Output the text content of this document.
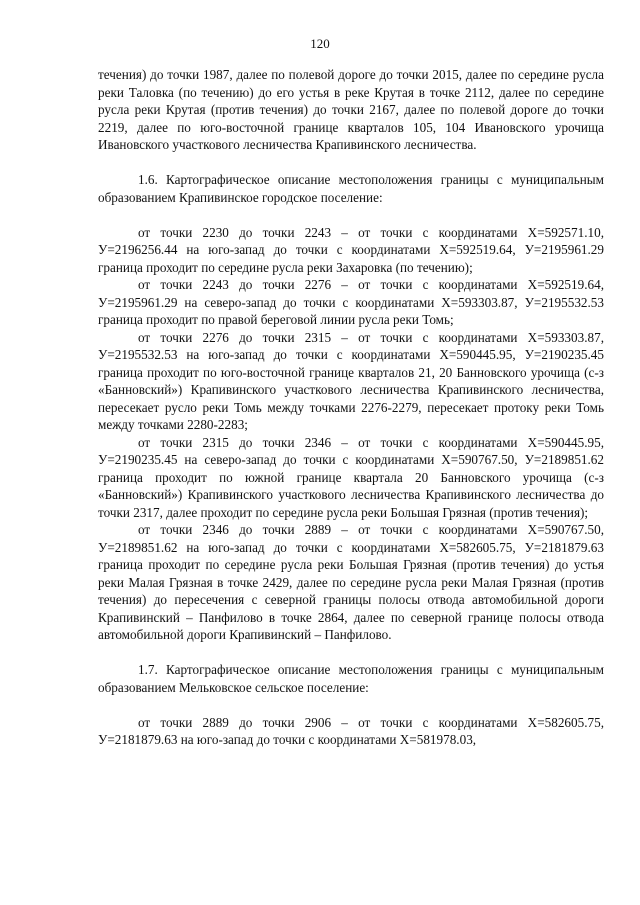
120

течения) до точки 1987, далее по полевой дороге до точки 2015, далее по середине русла реки Таловка (по течению) до его устья в реке Крутая в точке 2112, далее по середине русла реки Крутая (против течения) до точки 2167, далее по полевой дороге до точки 2219, далее по юго-восточной границе кварталов 105, 104 Ивановского урочища Ивановского участкового лесничества Крапивинского лесничества.

1.6. Картографическое описание местоположения границы с муниципальным образованием Крапивинское городское поселение:

от точки 2230 до точки 2243 – от точки с координатами Х=592571.10, У=2196256.44 на юго-запад до точки с координатами Х=592519.64, У=2195961.29 граница проходит по середине русла реки Захаровка (по течению);

от точки 2243 до точки 2276 – от точки с координатами Х=592519.64, У=2195961.29 на северо-запад до точки с координатами Х=593303.87, У=2195532.53 граница проходит по правой береговой линии русла реки Томь;

от точки 2276 до точки 2315 – от точки с координатами Х=593303.87, У=2195532.53 на юго-запад до точки с координатами Х=590445.95, У=2190235.45 граница проходит по юго-восточной границе кварталов 21, 20 Банновского урочища (с-з «Банновский») Крапивинского участкового лесничества Крапивинского лесничества, пересекает русло реки Томь между точками 2276-2279, пересекает протоку реки Томь между точками 2280-2283;

от точки 2315 до точки 2346 – от точки с координатами Х=590445.95, У=2190235.45 на северо-запад до точки с координатами Х=590767.50, У=2189851.62 граница проходит по южной границе квартала 20 Банновского урочища (с-з «Банновский») Крапивинского участкового лесничества Крапивинского лесничества до точки 2317, далее проходит по середине русла реки Большая Грязная (против течения);

от точки 2346 до точки 2889 – от точки с координатами Х=590767.50, У=2189851.62 на юго-запад до точки с координатами Х=582605.75, У=2181879.63 граница проходит по середине русла реки Большая Грязная (против течения) до устья реки Малая Грязная в точке 2429, далее по середине русла реки Малая Грязная (против течения) до пересечения с северной границы полосы отвода автомобильной дороги Крапивинский – Панфилово в точке 2864, далее по северной границе полосы отвода автомобильной дороги Крапивинский – Панфилово.

1.7. Картографическое описание местоположения границы с муниципальным образованием Мельковское сельское поселение:

от точки 2889 до точки 2906 – от точки с координатами Х=582605.75, У=2181879.63 на юго-запад до точки с координатами Х=581978.03,
